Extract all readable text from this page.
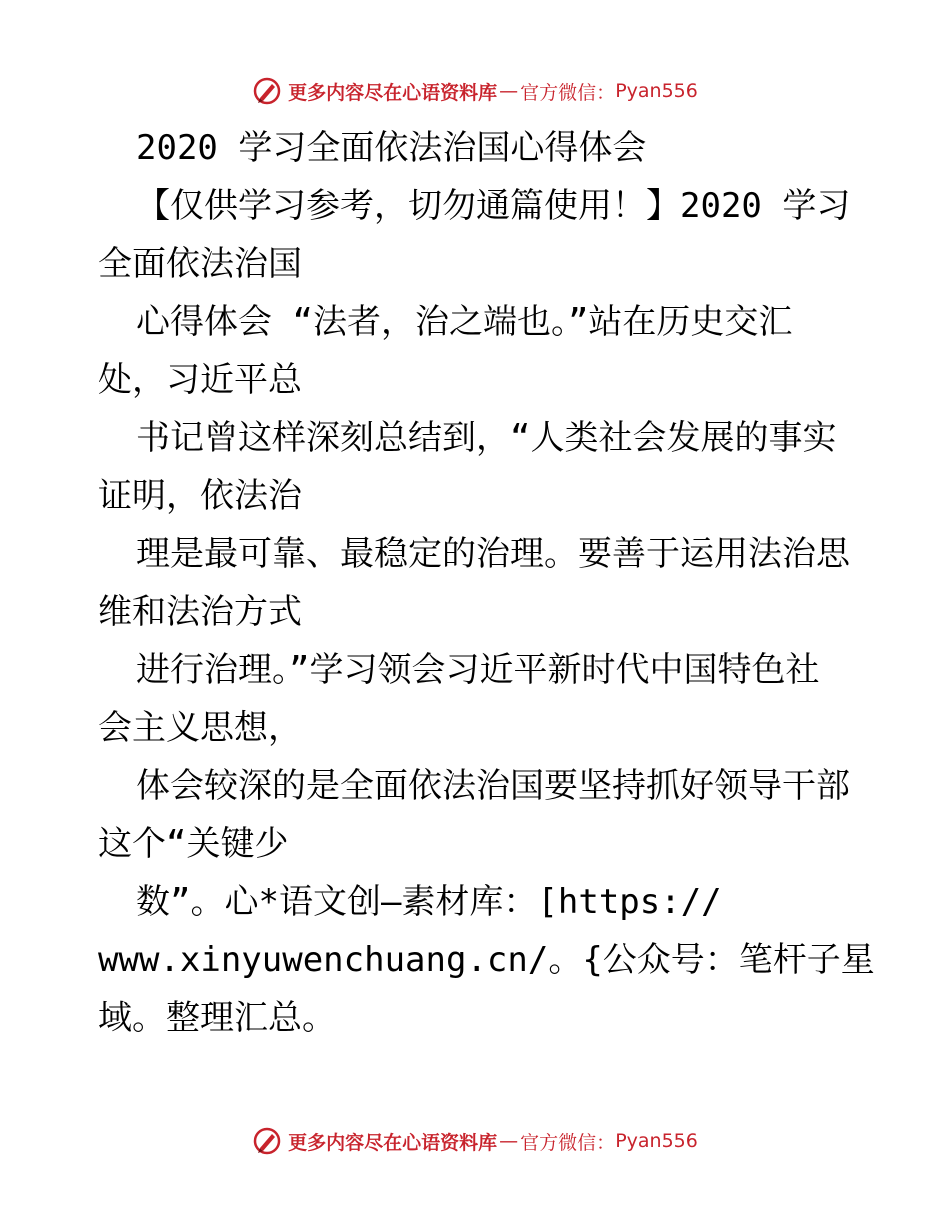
更多内容尽在心语资料库 — 官方微信： Pyan556
2020 学习全面依法治国心得体会
【仅供学习参考，切勿通篇使用！】2020 学习
全面依法治国
心得体会 “法者，治之端也。”站在历史交汇
处，习近平总
书记曾这样深刻总结到，“人类社会发展的事实
证明，依法治
理是最可靠、最稳定的治理。要善于运用法治思
维和法治方式
进行治理。”学习领会习近平新时代中国特色社
会主义思想，
体会较深的是全面依法治国要坚持抓好领导干部
这个“关键少
数”。心*语文创—素材库：[https://
www.xinyuwenchuang.cn/。{公众号：笔杆子星
域。整理汇总。
更多内容尽在心语资料库 — 官方微信： Pyan556
